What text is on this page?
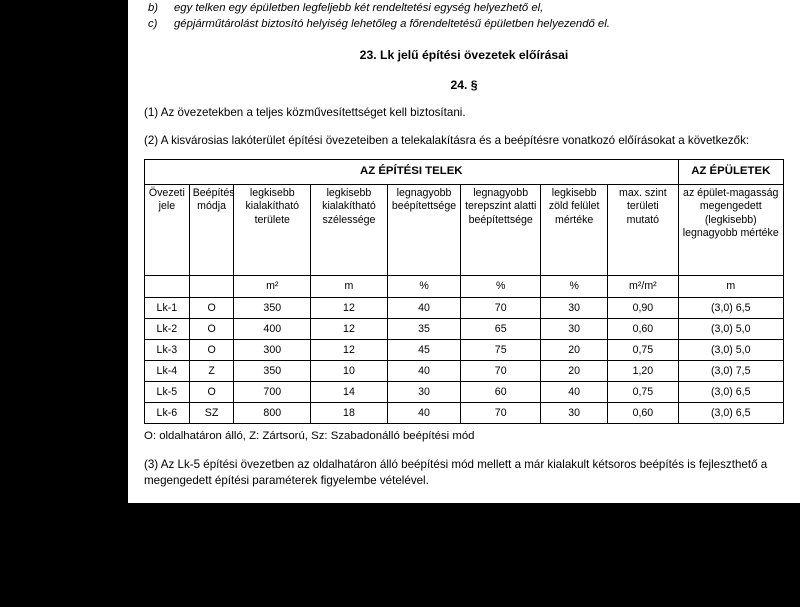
b)	egy telken egy épületben legfeljebb két rendeltetési egység helyezhető el,
c)	gépjárműtárolást biztosító helyiség lehetőleg a főrendeltetésű épületben helyezendő el.
23. Lk jelű építési övezetek előírásai
24. §

(1) Az övezetekben a teljes közművesítettséget kell biztosítani.

(2) A kisvárosias lakóterület építési övezeteiben a telekalakításra és a beépítésre vonatkozó előírásokat a következők:

AZ ÉPÍTÉSI TELEK								AZ ÉPÜLETEK
Övezeti jele	Beépítés módja	legkisebb kialakítható területe	legkisebb kialakítható szélessége	legnagyobb beépítettsége	legnagyobb terepszint alatti beépítettsége	legkisebb zöld felület mértéke	max. szint területi mutató	az épület-magasság megengedett (legkisebb) legnagyobb mértéke
		m²	m	%	%	%	m²/m²	m
Lk-1	O	350	12	40	70	30	0,90	(3,0) 6,5
Lk-2	O	400	12	35	65	30	0,60	(3,0) 5,0
Lk-3	O	300	12	45	75	20	0,75	(3,0) 5,0
Lk-4	Z	350	10	40	70	20	1,20	(3,0) 7,5
Lk-5	O	700	14	30	60	40	0,75	(3,0) 6,5
Lk-6	SZ	800	18	40	70	30	0,60	(3,0) 6,5
O: oldalhatáron álló, Z: Zártsorú, Sz: Szabadonálló beépítési mód

(3) Az Lk-5 építési övezetben az oldalhatáron álló beépítési mód mellett a már kialakult kétsoros beépítés is fejleszthető a megengedett építési paraméterek figyelembe vételével.

(4) Az Lk-6 jelű építési övezetben egy épület összes bruttó szintterülete 500 $m^2$ lehet.

24. Kertvárosias lakóterület „Lke” általános előírásai
25. §
(1) A kertvárosias lakóterület építési övezetei több önálló rendeltetési egységet magában foglaló
